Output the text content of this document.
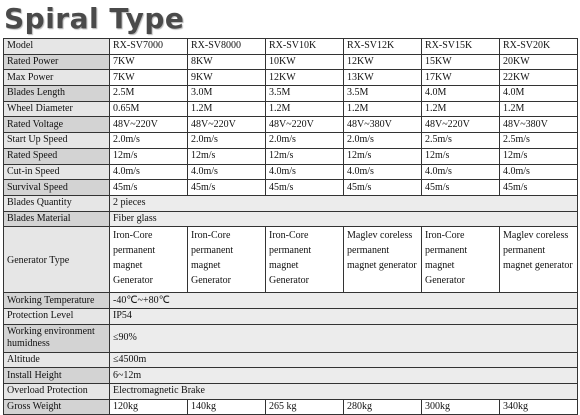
Spiral Type
Model	RX-SV7000	RX-SV8000	RX-SV10K	RX-SV12K	RX-SV15K	RX-SV20K
Rated Power	7KW	8KW	10KW	12KW	15KW	20KW
Max Power	7KW	9KW	12KW	13KW	17KW	22KW
Blades Length	2.5M	3.0M	3.5M	3.5M	4.0M	4.0M
Wheel Diameter	0.65M	1.2M	1.2M	1.2M	1.2M	1.2M
Rated Voltage	48V~220V	48V~220V	48V~220V	48V~380V	48V~220V	48V~380V
Start Up Speed	2.0m/s	2.0m/s	2.0m/s	2.0m/s	2.5m/s	2.5m/s
Rated Speed	12m/s	12m/s	12m/s	12m/s	12m/s	12m/s
Cut-in Speed	4.0m/s	4.0m/s	4.0m/s	4.0m/s	4.0m/s	4.0m/s
Survival Speed	45m/s	45m/s	45m/s	45m/s	45m/s	45m/s
Blades Quantity	2 pieces					
Blades Material	Fiber glass					
Generator Type	Iron-Core permanent magnet Generator	Iron-Core permanent magnet Generator	Iron-Core permanent magnet Generator	Maglev coreless permanent magnet generator	Iron-Core permanent magnet Generator	Maglev coreless permanent magnet generator
Working Temperature	-40℃~+80℃					
Protection Level	IP54					
Working environment humidness	≤90%					
Altitude	≤4500m					
Install Height	6~12m					
Overload Protection	Electromagnetic Brake					
Gross Weight	120kg	140kg	265 kg	280kg	300kg	340kg
